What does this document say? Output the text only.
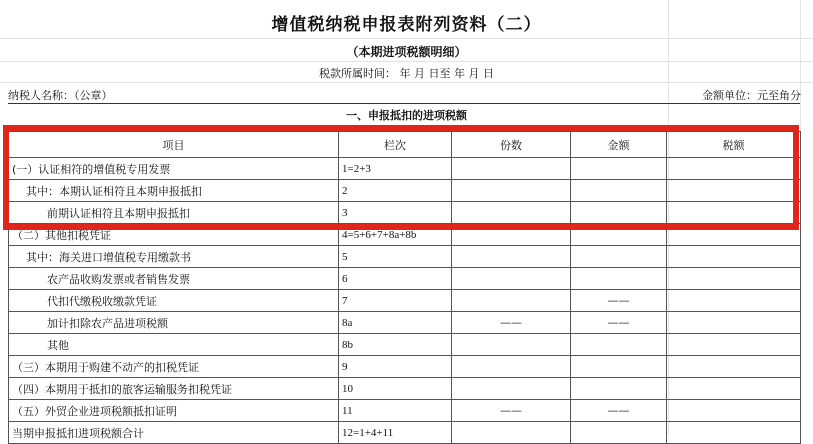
增值税纳税申报表附列资料（二）
（本期进项税额明细）
税款所属时间： 年 月 日至 年 月 日
纳税人名称：（公章）	金额单位：元至角分
一、申报抵扣的进项税额
项目	栏次	份数	金额	税额
(一）认证相符的增值税专用发票	1=2+3			
其中：本期认证相符且本期申报抵扣	2			
前期认证相符且本期申报抵扣	3			
（二）其他扣税凭证	4=5+6+7+8a+8b			
其中：海关进口增值税专用缴款书	5			
农产品收购发票或者销售发票	6			
代扣代缴税收缴款凭证	7		——	
加计扣除农产品进项税额	8a	——	——	
其他	8b			
（三）本期用于购建不动产的扣税凭证	9			
（四）本期用于抵扣的旅客运输服务扣税凭证	10			
（五）外贸企业进项税额抵扣证明	11	——	——	
当期申报抵扣进项税额合计	12=1+4+11			
